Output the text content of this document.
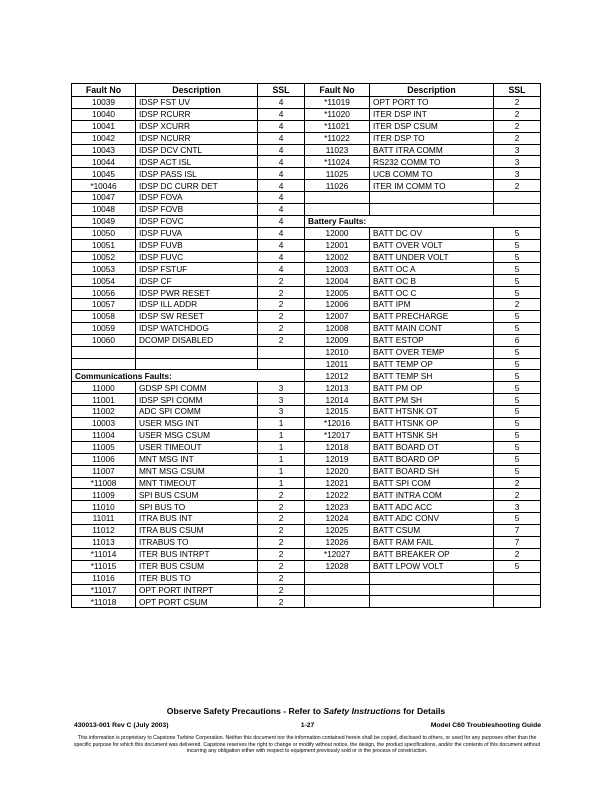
Fault No	Description	SSL	Fault No	Description	SSL
10039	IDSP FST UV	4	*11019	OPT PORT TO	2
10040	IDSP RCURR	4	*11020	ITER DSP INT	2
10041	IDSP XCURR	4	*11021	ITER DSP CSUM	2
10042	IDSP NCURR	4	*11022	ITER DSP TO	2
10043	IDSP DCV CNTL	4	11023	BATT ITRA COMM	3
10044	IDSP ACT ISL	4	*11024	RS232 COMM TO	3
10045	IDSP PASS ISL	4	11025	UCB COMM TO	3
*10046	IDSP DC CURR DET	4	11026	ITER IM COMM TO	2
10047	IDSP FOVA	4			
10048	IDSP FOVB	4			
10049	IDSP FOVC	4	Battery Faults:		
10050	IDSP FUVA	4	12000	BATT DC OV	5
10051	IDSP FUVB	4	12001	BATT OVER VOLT	5
10052	IDSP FUVC	4	12002	BATT UNDER VOLT	5
10053	IDSP FSTUF	4	12003	BATT OC A	5
10054	IDSP CF	2	12004	BATT OC B	5
10056	IDSP PWR RESET	2	12005	BATT OC C	5
10057	IDSP ILL ADDR	2	12006	BATT IPM	2
10058	IDSP SW RESET	2	12007	BATT PRECHARGE	5
10059	IDSP WATCHDOG	2	12008	BATT MAIN CONT	5
10060	DCOMP DISABLED	2	12009	BATT ESTOP	6
			12010	BATT OVER TEMP	5
			12011	BATT TEMP OP	5
Communications Faults:			12012	BATT TEMP SH	5
11000	GDSP SPI COMM	3	12013	BATT PM OP	5
11001	IDSP SPI COMM	3	12014	BATT PM SH	5
11002	ADC SPI COMM	3	12015	BATT HTSNK OT	5
10003	USER MSG INT	1	*12016	BATT HTSNK OP	5
11004	USER MSG CSUM	1	*12017	BATT HTSNK SH	5
11005	USER TIMEOUT	1	12018	BATT BOARD OT	5
11006	MNT MSG INT	1	12019	BATT BOARD OP	5
11007	MNT MSG CSUM	1	12020	BATT BOARD SH	5
*11008	MNT TIMEOUT	1	12021	BATT SPI COM	2
11009	SPI BUS CSUM	2	12022	BATT INTRA COM	2
11010	SPI BUS TO	2	12023	BATT ADC ACC	3
11011	ITRA BUS INT	2	12024	BATT ADC CONV	5
11012	ITRA BUS CSUM	2	12025	BATT CSUM	7
11013	ITRABUS TO	2	12026	BATT RAM FAIL	7
*11014	ITER BUS INTRPT	2	*12027	BATT BREAKER OP	2
*11015	ITER BUS CSUM	2	12028	BATT LPOW VOLT	5
11016	ITER BUS TO	2			
*11017	OPT PORT INTRPT	2			
*11018	OPT PORT CSUM	2			
Observe Safety Precautions - Refer to Safety Instructions for Details
1-27
430013-001 Rev C (July 2003)	Model C60 Troubleshooting Guide
This information is proprietary to Capstone Turbine Corporation. Neither this document nor the information contained herein shall be copied, disclosed to others, or used for any purposes other than the specific purpose for which this document was delivered. Capstone reserves the right to change or modify without notice, the design, the product specifications, and/or the contents of this document without incurring any obligation either with respect to equipment previously sold or in the process of construction.
